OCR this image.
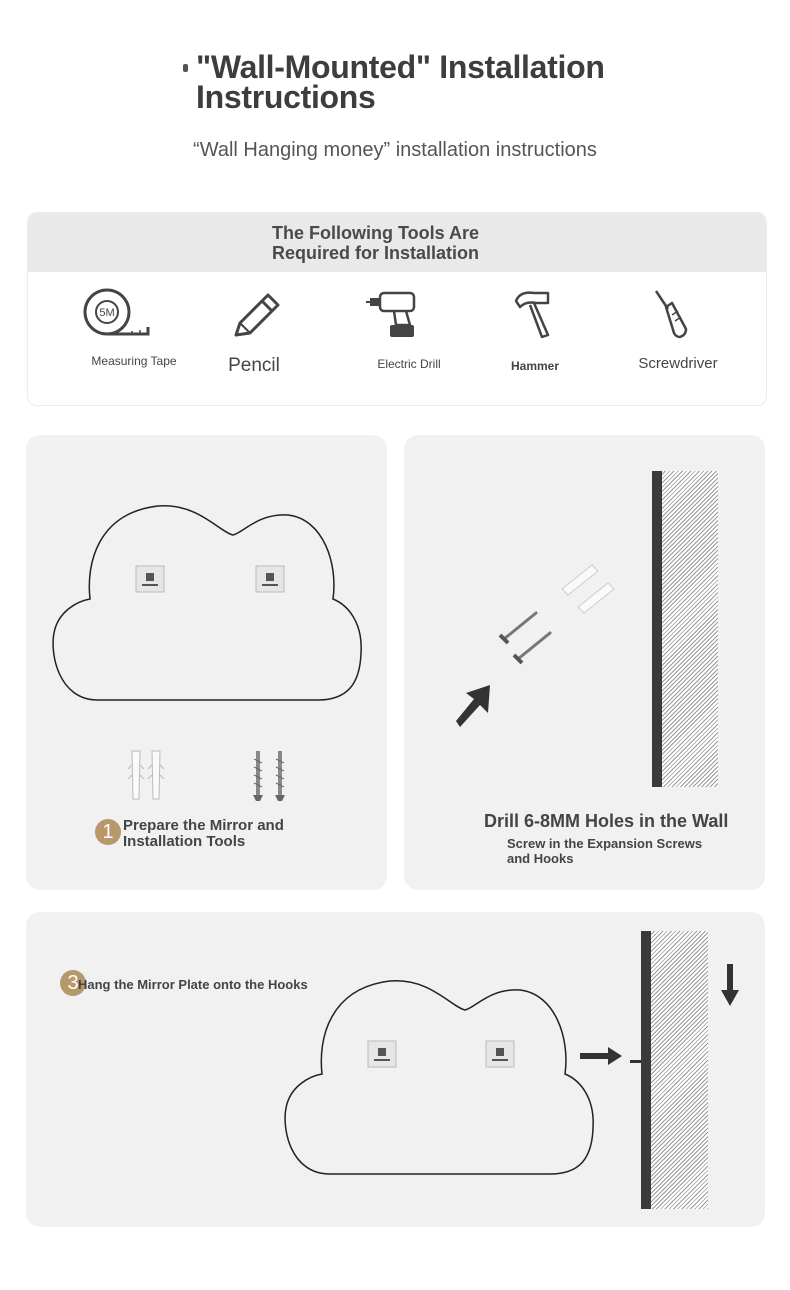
"Wall-Mounted" Installation
Instructions
“Wall Hanging money” installation instructions
The Following Tools Are
Required for Installation
5M
Measuring Tape	Pencil	Electric Drill	Hammer	Screwdriver
1 Prepare the Mirror and
Installation Tools
Drill 6-8MM Holes in the Wall
Screw in the Expansion Screws
and Hooks
3 Hang the Mirror Plate onto the Hooks
